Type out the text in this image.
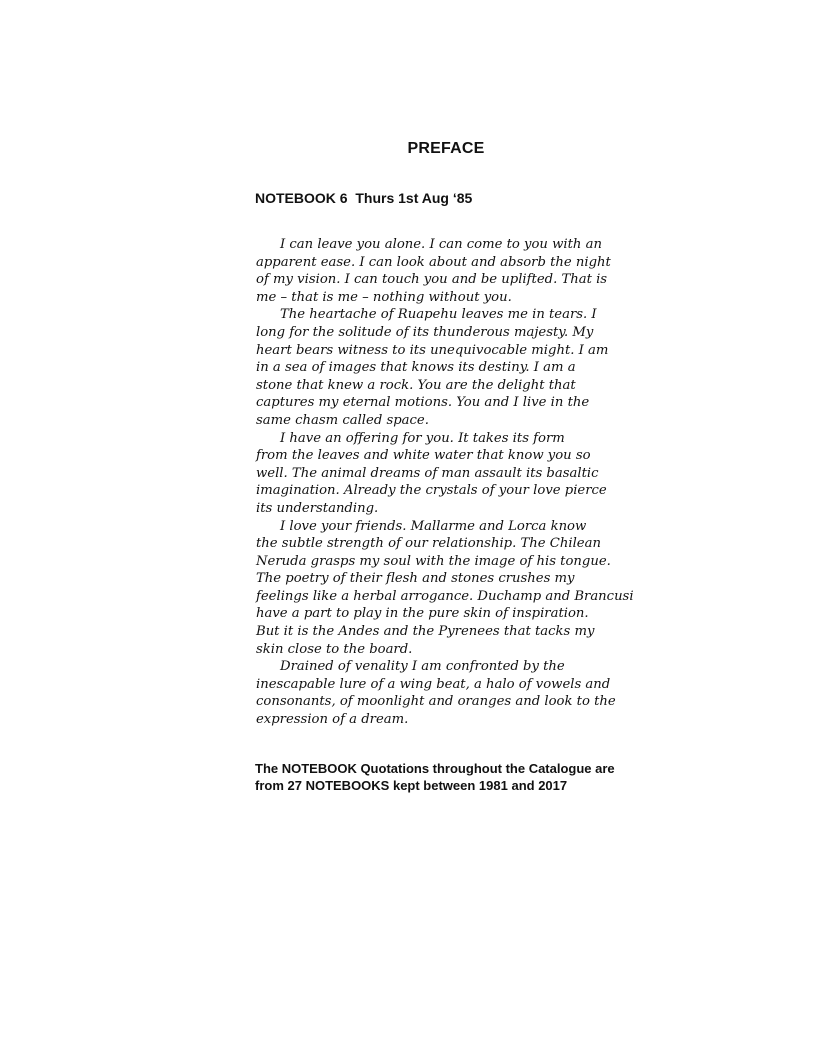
PREFACE
NOTEBOOK 6  Thurs 1st Aug ‘85
I can leave you alone. I can come to you with an
apparent ease. I can look about and absorb the night
of my vision. I can touch you and be uplifted. That is
me – that is me – nothing without you.
The heartache of Ruapehu leaves me in tears. I
long for the solitude of its thunderous majesty. My
heart bears witness to its unequivocable might. I am
in a sea of images that knows its destiny. I am a
stone that knew a rock. You are the delight that
captures my eternal motions. You and I live in the
same chasm called space.
I have an offering for you. It takes its form
from the leaves and white water that know you so
well. The animal dreams of man assault its basaltic
imagination. Already the crystals of your love pierce
its understanding.
I love your friends. Mallarme and Lorca know
the subtle strength of our relationship. The Chilean
Neruda grasps my soul with the image of his tongue.
The poetry of their flesh and stones crushes my
feelings like a herbal arrogance. Duchamp and Brancusi
have a part to play in the pure skin of inspiration.
But it is the Andes and the Pyrenees that tacks my
skin close to the board.
Drained of venality I am confronted by the
inescapable lure of a wing beat, a halo of vowels and
consonants, of moonlight and oranges and look to the
expression of a dream.
The NOTEBOOK Quotations throughout the Catalogue are
from 27 NOTEBOOKS kept between 1981 and 2017
